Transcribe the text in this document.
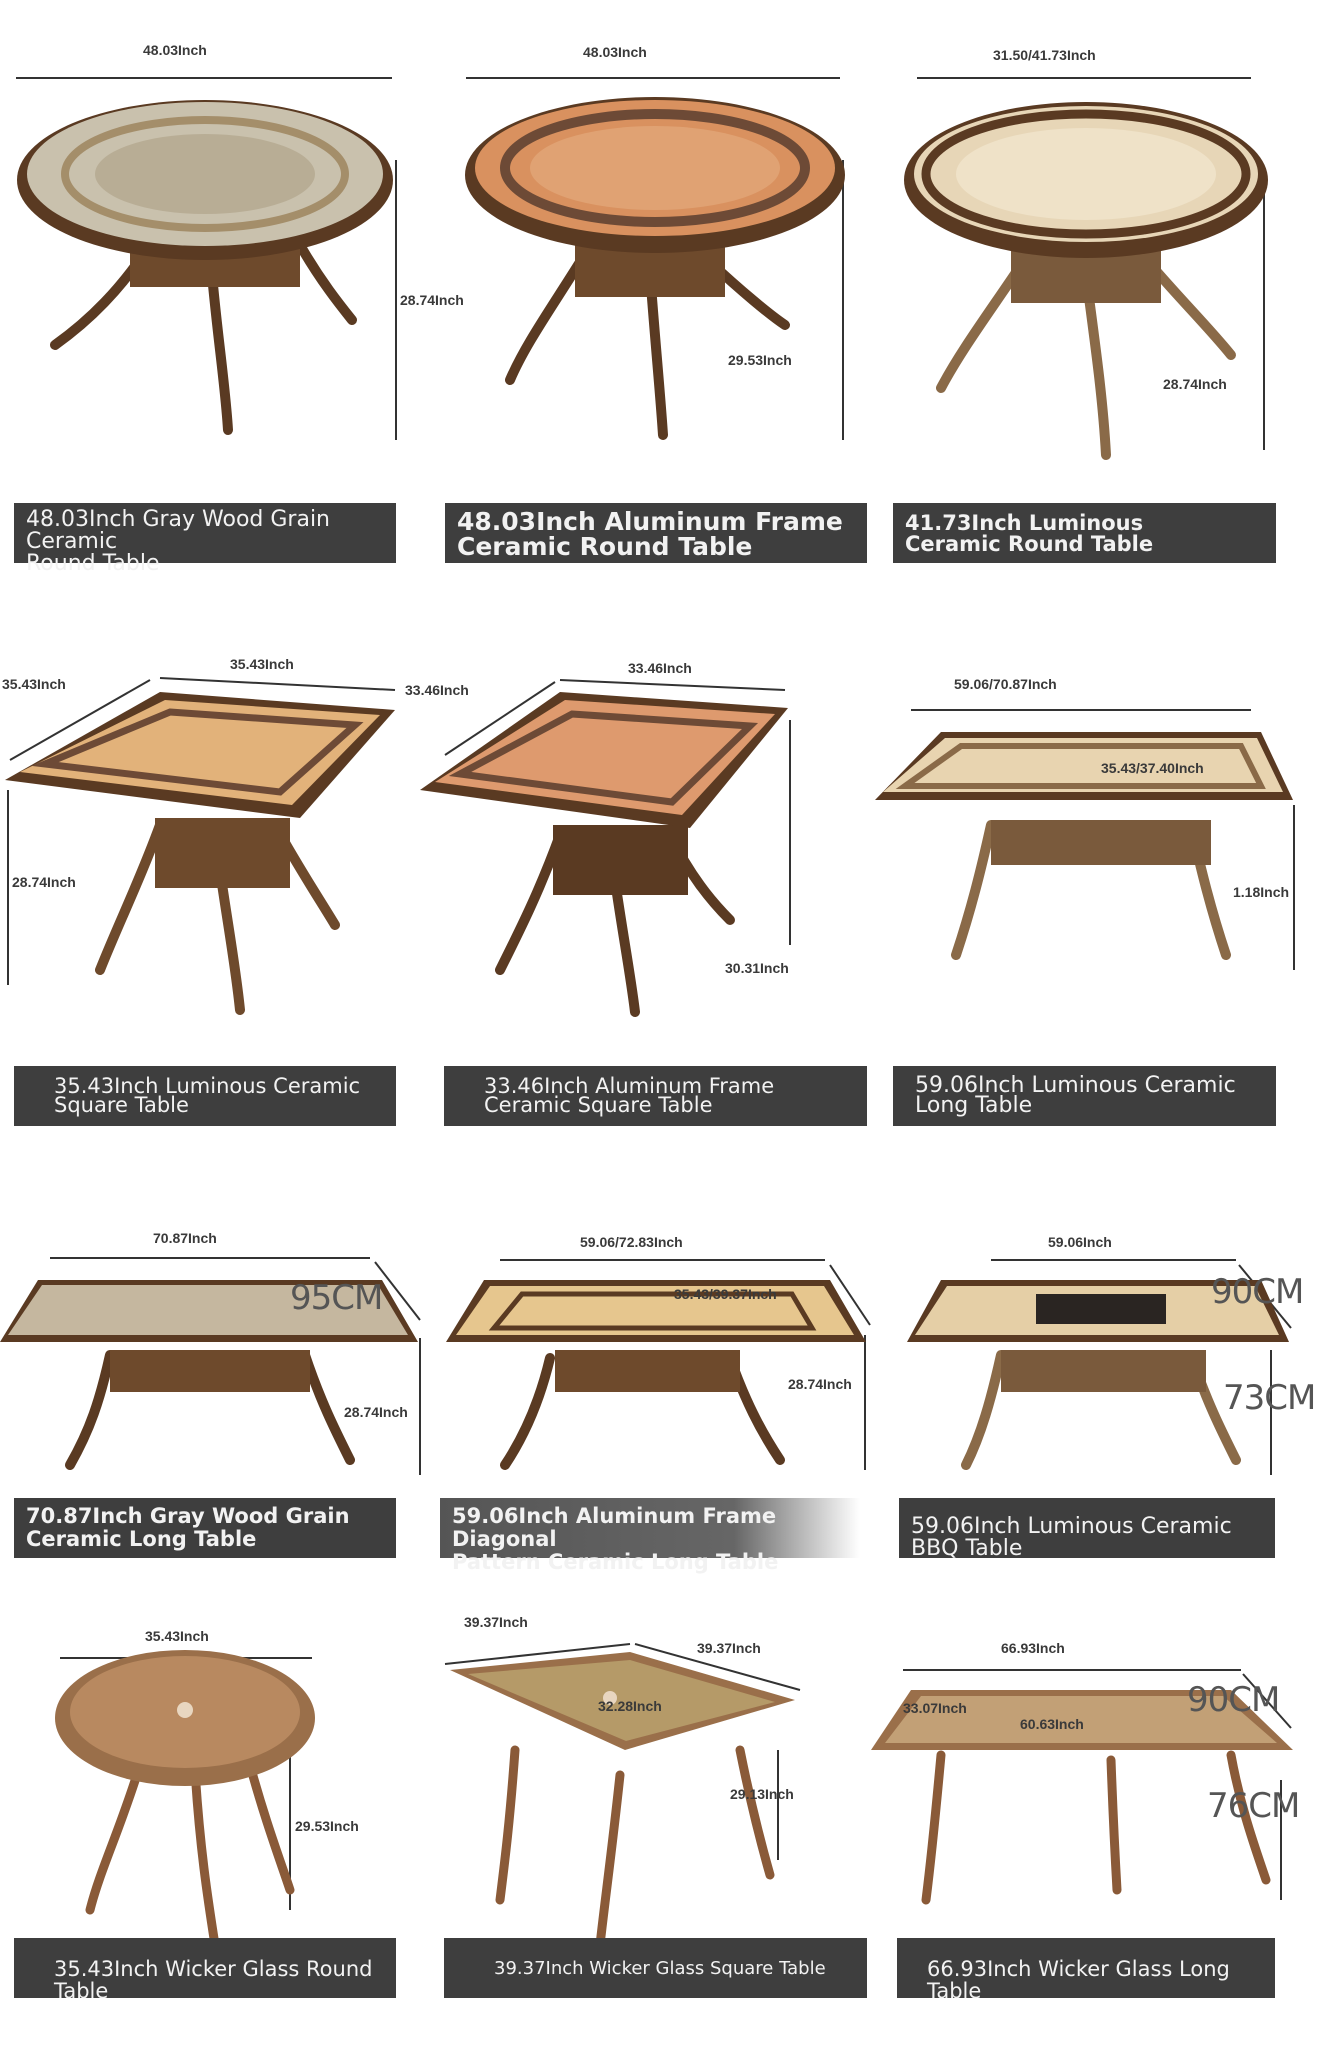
48.03Inch
28.74Inch
48.03Inch Gray Wood Grain Ceramic
Round Table
48.03Inch
29.53Inch
48.03Inch Aluminum Frame
Ceramic Round Table
31.50/41.73Inch
28.74Inch
41.73Inch Luminous
Ceramic Round Table
35.43Inch
35.43Inch
28.74Inch
35.43Inch Luminous Ceramic
Square Table
33.46Inch
33.46Inch
30.31Inch
33.46Inch Aluminum Frame
Ceramic Square Table
59.06/70.87Inch
35.43/37.40Inch
1.18Inch
59.06Inch Luminous Ceramic
Long Table
70.87Inch
95CM
28.74Inch
70.87Inch Gray Wood Grain
Ceramic Long Table
59.06/72.83Inch
35.43/39.37Inch
28.74Inch
59.06Inch Aluminum Frame Diagonal
Pattern Ceramic Long Table
59.06Inch
90CM
73CM
59.06Inch Luminous Ceramic BBQ Table
35.43Inch
29.53Inch
35.43Inch Wicker Glass Round Table
39.37Inch
39.37Inch
32.28Inch
29.13Inch
39.37Inch Wicker Glass Square Table
66.93Inch
90CM
33.07Inch
60.63Inch
76CM
66.93Inch Wicker Glass Long Table
